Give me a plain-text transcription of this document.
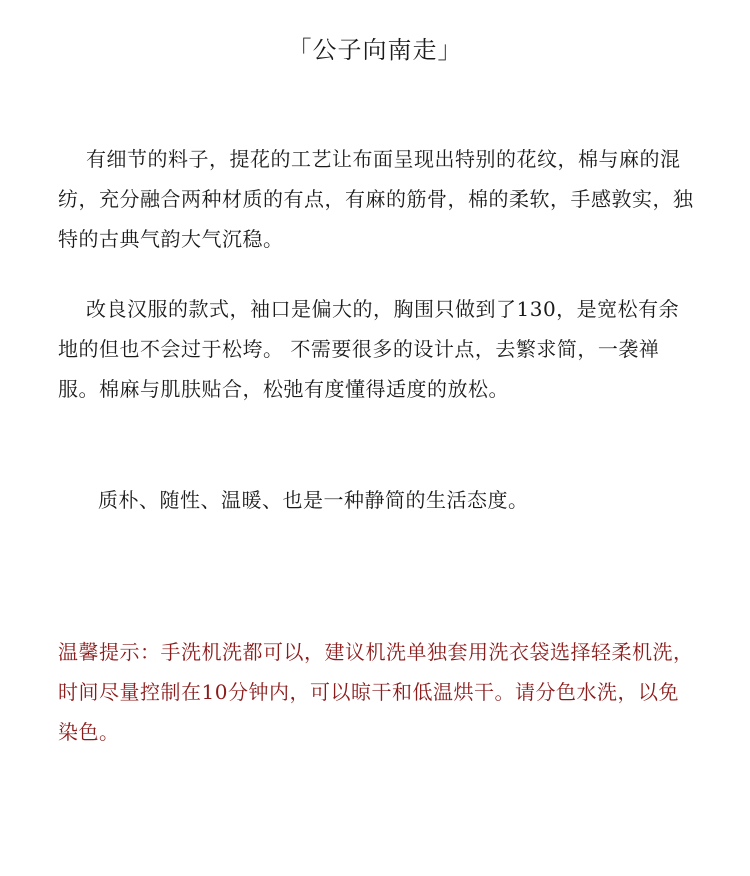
「公子向南走」

有细节的料子，提花的工艺让布面呈现出特别的花纹，棉与麻的混纺，充分融合两种材质的有点，有麻的筋骨，棉的柔软，手感敦实，独特的古典气韵大气沉稳。

改良汉服的款式，袖口是偏大的，胸围只做到了130，是宽松有余地的但也不会过于松垮。 不需要很多的设计点，去繁求简，一袭禅服。棉麻与肌肤贴合，松弛有度懂得适度的放松。

质朴、随性、温暖、也是一种静简的生活态度。

温馨提示：手洗机洗都可以，建议机洗单独套用洗衣袋选择轻柔机洗，时间尽量控制在10分钟内，可以晾干和低温烘干。请分色水洗，以免染色。
